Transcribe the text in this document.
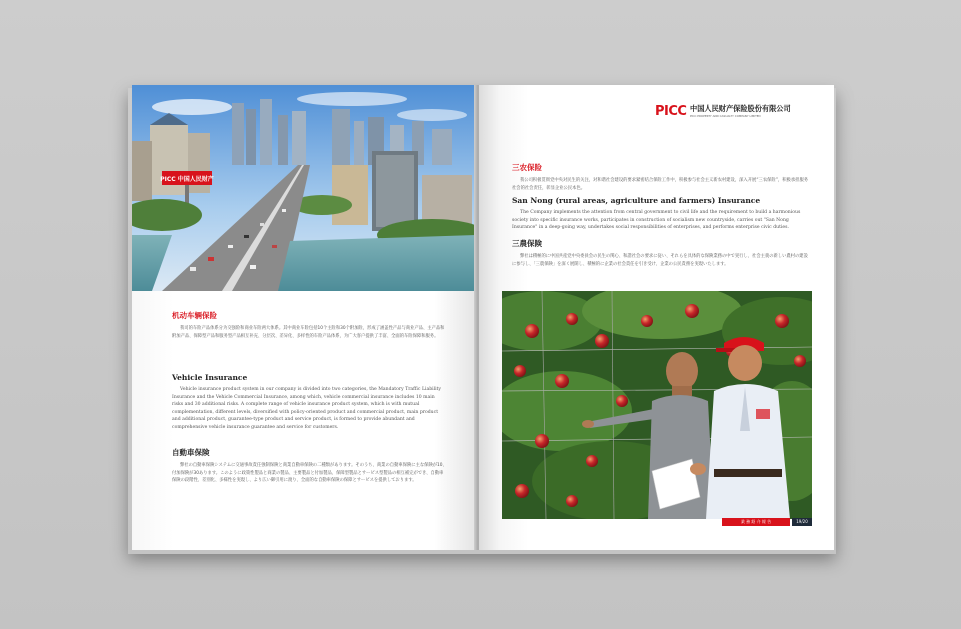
PICC 中国人民财产

机动车辆保险

我司的车险产品体系分为交强险和商业车险两大体系。其中商业车险包括10个主险和30个附加险，形成了涵盖性产品与商业产品、主产品和附加产品、保障型产品和服务型产品相互补充、分层次、差异化、多样性的车险产品体系，为广大客户提供了丰富、全面的车险保障和服务。

Vehicle Insurance

Vehicle insurance product system in our company is divided into two categories, the Mandatory Traffic Liability Insurance and the Vehicle Commercial Insurance, among which, vehicle commercial insurance includes 10 main risks and 30 additional risks. A complete range of vehicle insurance product system, which is with mutual complementation, different levels, diversified with policy-oriented product and commercial product, main product and additional product, guarantee-type product and service product, is formed to provide abundant and comprehensive vehicle insurance guarantee and service for customers.

自動車保険

弊社の自動車保険システムに交通事故責任強制保険と商業自動車保険の二種類があります。そのうち、商業の自動車保険に主な保険が10、付加保険が30あります。このように政策性製品と商業の製品、主要製品と付加製品、保障型製品とサービス型製品の相互補完ができ、自動車保険の段階性、差別化、多様性を実現し、より広い御引用に渡り、全面的な自動車保険の保障とサービスを提供しております。

PICC 中国人民财产保险股份有限公司
PICC PROPERTY AND CASUALTY COMPANY LIMITED

三农保险

我公司积极贯彻党中央对民生的关注，对和谐社会建设的要求紧密结合保险工作中，积极参与社会主义新农村建设，深入开展“三农保险”，积极承担服务社会的社会责任，彰显企业公民本色。

San Nong (rural areas, agriculture and farmers) Insurance

The Company implements the attention from central government to civil life and the requirement to build a harmonious society into specific insurance works, participates in construction of socialism new countryside, carries out "San Nong Insurance" in a deep-going way, undertakes social responsibilities of enterprises, and performs enterprise civic duties.

三農保険

弊社は積極的に中国共産党中央委員会の民生の関心、和諧社会の要求に従い、それらを具体的な保険業務の中で実行し、社会主義の新しい農村の建設に参与し、「三農保険」を深く展開し、積極的に企業の社会責任を引き受け、企業の公民責務を実現いたします。

業 務 紹 介 報 告	19/20
